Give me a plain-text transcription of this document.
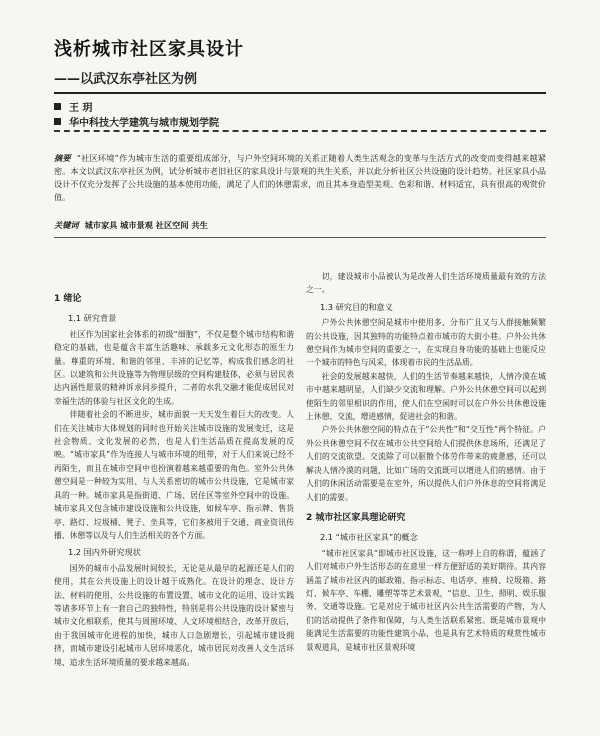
浅析城市社区家具设计
——以武汉东亭社区为例
王 玥
华中科技大学建筑与城市规划学院
摘要 “社区环境”作为城市生活的重要组成部分，与户外空间环境的关系正随着人类生活观念的变革与生活方式的改变而变得越来越紧密。本文以武汉东亭社区为例，试分析城市老旧社区的家具设计与景观的共生关系，并以此分析社区公共设施的设计趋势。社区家具小品设计不仅充分发挥了公共设施的基本使用功能，满足了人们的休憩需求，而且其本身造型美观、色彩和谐、材料适宜，具有很高的观赏价值。
关键词 城市家具 城市景观 社区空间 共生

1 绪论

1.1 研究背景

社区作为国家社会体系的初级“细胞”，不仅是整个城市结构和谐稳定的基础，也是蕴含丰富生活趣味、承载多元文化形态的原生力量。尊重的环境、和谐的邻里、丰沛的记忆等，构成我们感念的社区。以建筑和公共设施等为物理层级的空间构建肢体，必须与居民表达内涵性愿景的精神诉求同步提升，二者的水乳交融才能促成居民对幸福生活的体验与社区文化的生成。

伴随着社会的不断进步，城市面貌一天天发生着巨大的改变。人们在关注城市大体规划的同时也开始关注城市设施的发展变迁，这是社会物质、文化发展的必然，也是人们生活品质在提高发展的反映。“城市家具”作为连接人与城市环境的纽带，对于人们来说已经不再陌生，而且在城市空间中也扮演着越来越重要的角色。室外公共休憩空间是一种较为实用、与人关系密切的城市公共设施，它是城市家具的一种。城市家具是指街道、广场、居住区等室外空间中的设施。城市家具又包含城市建设设施和公共设施，如候车亭、指示牌、售货亭、路灯、垃圾桶、凳子、坐具等，它们多被用于交通、商业资讯传播、休憩等以及与人们生活相关的各个方面。

1.2 国内外研究现状

国外的城市小品发展时间较长，无论是从最早的起源还是人们的使用，其在公共设施上的设计越于成熟化。在设计的理念、设计方法、材料的使用、公共设施的布置设置、城市文化的运用、设计实践等诸多环节上有一套自己的独特性，特别是将公共设施的设计紧密与城市文化相联系，使其与周围环境、人文环境相结合，改革开放后，由于我国城市化进程的加快，城市人口急剧增长，引起城市建设拥挤，而城市建设引起城市人居环境恶化，城市居民对改善人文生活环境、追求生活环境质量的要求越来越高。

切，建设城市小品被认为是改善人们生活环境质量最有效的方法之一。

1.3 研究目的和意义

户外公共休憩空间是城市中使用多、分布广且又与人群接触频繁的公共设施，因其独特的功能特点着市城市的大街小巷。户外公共休憩空间作为城市空间的重要之一，在实现自身功能的基础上也能反应一个城市的特色与风采，体现着市民的生活品质。

社会的发展越来越快，人们的生活节奏越来越快，人情冷漠在城市中越来越明显，人们缺少交流和理解。户外公共休憩空间可以起到使陌生的邻里相识的作用，使人们在空闲时可以在户外公共休憩设施上休憩、交流，增进感情，促进社会的和谐。

户外公共休憩空间的特点在于“公共性”和“交互性”两个特征。户外公共休憩空间不仅在城市公共空间给人们提供休息场所，还满足了人们的交流欲望。交流除了可以驱散个体劳作带来的疲惫感，还可以解决人情冷漠的问题，比如广场的交流既可以增进人们的感情。由于人们的休闲活动需要是在室外，所以提供人们户外休息的空间将满足人们的需要。

2 城市社区家具理论研究

2.1 “城市社区家具”的概念

“城市社区家具”即城市社区设施，这一称呼上自的称谓，蕴涵了人们对城市户外生活形态的在意里一样方便舒适的美好期待。其内容涵盖了城市社区内的邮政箱、指示标志、电话亭、座椅、垃圾箱、路灯、候车亭、车棚、雕塑等等艺术景观，“信息、卫生、照明、娱乐服务、交通等设施。它是对应于城市社区内公共生活需要的产物，为人们的活动提供了条件和保障，与人类生活联系紧密。既是城市景观中能满足生活需要的功能性建筑小品，也是具有艺术特质的观赏性城市景观道具，是城市社区景观环境
